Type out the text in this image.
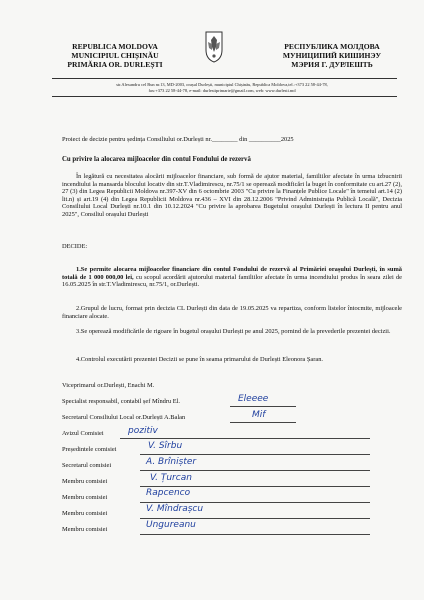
REPUBLICA MOLDOVA
MUNICIPIUL CHIȘINĂU
PRIMĂRIA OR. DURLEȘTI
РЕСПУБЛИКА МОЛДОВА
МУНИЦИПИЙ КИШИНЭУ
МЭРИЯ Г. ДУРЛЕШТЬ
str.Alexandru cel Bun nr.13, MD-2003, orașul Durlești, municipiul Chișinău, Republica Moldova,tel.:+373 22 58-44-78,
fax:+373 22 58-44-78, e-mail: durlestiprimarie@gmail.com, web: www.durlesti.md
Proiect de decizie pentru ședința Consiliului or.Durlești nr.________ din __________2025
Cu privire la alocarea mijloacelor din contul Fondului de rezervă
În legătură cu necesitatea alocării mijloacelor financiare, sub formă de ajutor material, familiilor afectate în urma izbucnirii incendiului la mansarda blocului locativ din str.T.Vladimirescu, nr.75/1 se operează modificări la buget în conformitate cu art.27 (2), 27 (3) din Legea Republicii Moldova nr.397-XV din 6 octombrie 2003 "Cu privire la Finanțele Publice Locale" în temeiul art.14 (2) lit.n) și art.19 (4) din Legea Republicii Moldova nr.436 – XVI din 28.12.2006 "Privind Administrația Publică Locală", Decizia Consiliului Local Durlești nr.10.1 din 10.12.2024 "Cu privire la aprobarea Bugetului orașului Durlești în lectura II pentru anul 2025", Consiliul orașului Durlești
DECIDE:
1.Se permite alocarea mijloacelor financiare din contul Fondului de rezervă al Primăriei orașului Durlești, în sumă totală de 1 000 000,00 lei, cu scopul acordării ajutorului material familiilor afectate în urma incendiului produs în seara zilei de 16.05.2025 în str.T.Vladimirescu, nr.75/1, or.Durlești.
2.Grupul de lucru, format prin decizia CL Durlești din data de 19.05.2025 va repartiza, conform listelor întocmite, mijloacele financiare alocate.
3.Se operează modificările de rigoare în bugetul orașului Durlești pe anul 2025, pornind de la prevederile prezentei decizii.
4.Controlul executării prezentei Decizii se pune în seama primarului de Durlești Eleonora Șaran.
Viceprimarul or.Durlești, Enachi M.
Specialist responsabil, contabil șef Mîndru El.	Eleeee
Secretarul Consiliului Local or.Durlești A.Balan	Mif
Avizul Comisiei	pozitiv
Președintele comisiei	V. Sîrbu
Secretarul comisiei	A. Brînișter
Membru comisiei	V. Țurcan
Membru comisiei	Rapcenco
Membru comisiei	V. Mîndrașcu
Membru comisiei	Ungureanu
